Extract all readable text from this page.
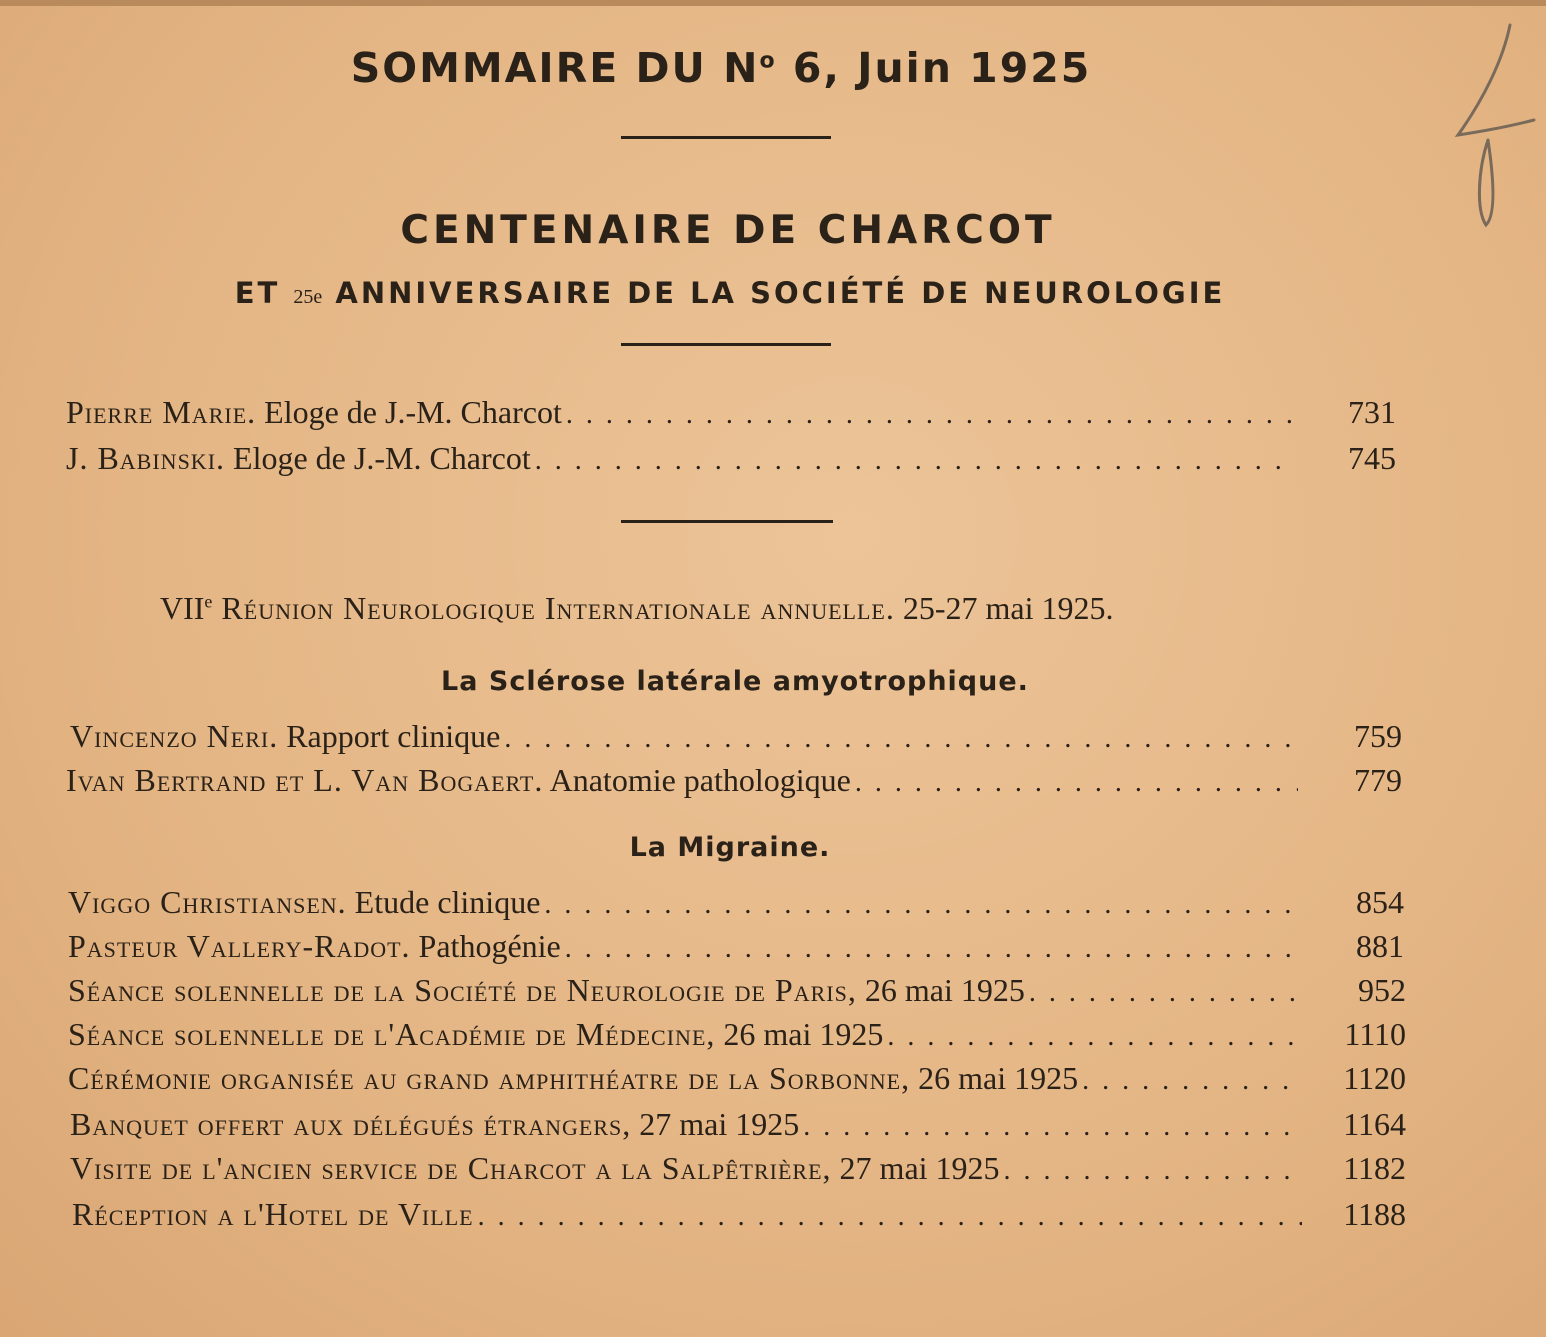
SOMMAIRE DU $N^o$ 6, Juin 1925
CENTENAIRE DE CHARCOT
ET 25e ANNIVERSAIRE DE LA SOCIÉTÉ DE NEUROLOGIE
Pierre Marie. Eloge de J.-M. Charcot . . .	731
J. Babinski. Eloge de J.-M. Charcot . . .	745
VIIe Réunion Neurologique Internationale annuelle. 25-27 mai 1925.
La Sclérose latérale amyotrophique.
Vincenzo Neri. Rapport clinique . . .	759
Ivan Bertrand et L. Van Bogaert. Anatomie pathologique . . .	779
La Migraine.
Viggo Christiansen. Etude clinique . . .	854
Pasteur Vallery-Radot. Pathogénie . . .	881
Séance solennelle de la Société de Neurologie de Paris, 26 mai 1925 . . .	952
Séance solennelle de l'Académie de Médecine, 26 mai 1925 . . .	1110
Cérémonie organisée au grand amphithéatre de la Sorbonne, 26 mai 1925 . . .	1120
Banquet offert aux délégués étrangers, 27 mai 1925 . . .	1164
Visite de l'ancien service de Charcot a la Salpêtrière, 27 mai 1925 . . .	1182
Réception a l'Hotel de Ville . . .	1188
